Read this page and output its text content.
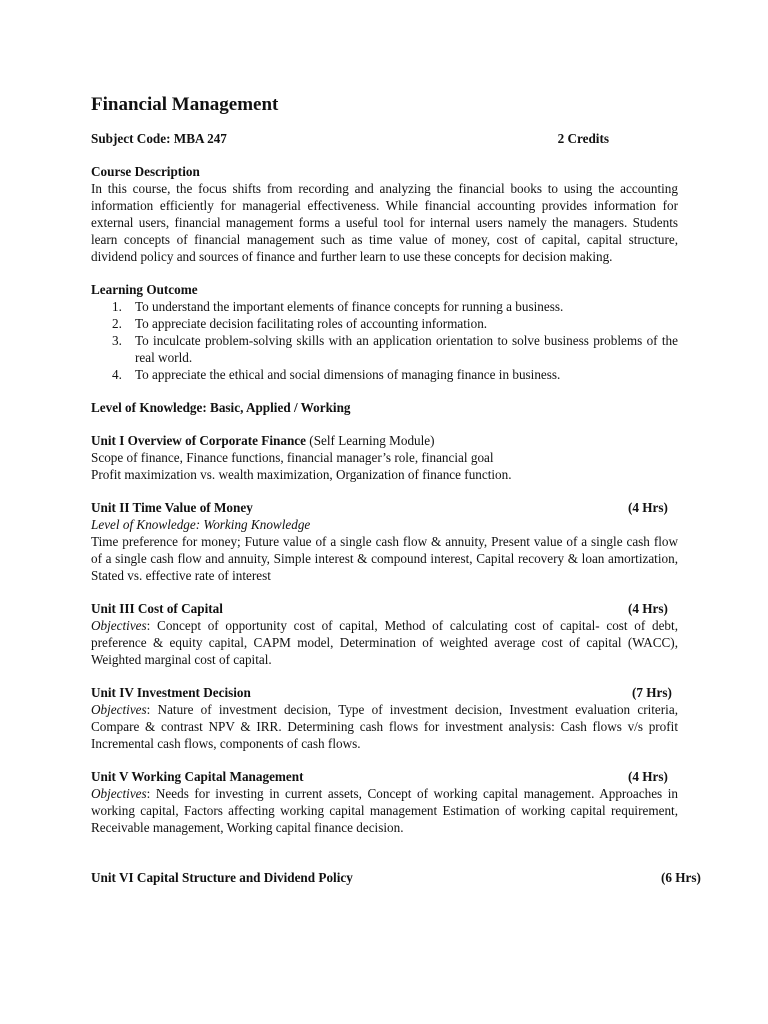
Financial Management
Subject Code: MBA 247	2 Credits
Course Description
In this course, the focus shifts from recording and analyzing the financial books to using the accounting information efficiently for managerial effectiveness. While financial accounting provides information for external users, financial management forms a useful tool for internal users namely the managers. Students learn concepts of financial management such as time value of money, cost of capital, capital structure, dividend policy and sources of finance and further learn to use these concepts for decision making.
Learning Outcome
1. To understand the important elements of finance concepts for running a business.
2. To appreciate decision facilitating roles of accounting information.
3. To inculcate problem-solving skills with an application orientation to solve business problems of the real world.
4. To appreciate the ethical and social dimensions of managing finance in business.
Level of Knowledge: Basic, Applied / Working
Unit I Overview of Corporate Finance (Self Learning Module)
Scope of finance, Finance functions, financial manager’s role, financial goal
Profit maximization vs. wealth maximization, Organization of finance function.
Unit II Time Value of Money	(4 Hrs)
Level of Knowledge: Working Knowledge
Time preference for money; Future value of a single cash flow & annuity, Present value of a single cash flow of a single cash flow and annuity, Simple interest & compound interest, Capital recovery & loan amortization, Stated vs. effective rate of interest
Unit III Cost of Capital	(4 Hrs)
Objectives: Concept of opportunity cost of capital, Method of calculating cost of capital- cost of debt, preference & equity capital, CAPM model, Determination of weighted average cost of capital (WACC), Weighted marginal cost of capital.
Unit IV Investment Decision	(7 Hrs)
Objectives: Nature of investment decision, Type of investment decision, Investment evaluation criteria, Compare & contrast NPV & IRR. Determining cash flows for investment analysis: Cash flows v/s profit Incremental cash flows, components of cash flows.
Unit V Working Capital Management	(4 Hrs)
Objectives: Needs for investing in current assets, Concept of working capital management. Approaches in working capital, Factors affecting working capital management Estimation of working capital requirement, Receivable management, Working capital finance decision.
Unit VI Capital Structure and Dividend Policy	(6 Hrs)
